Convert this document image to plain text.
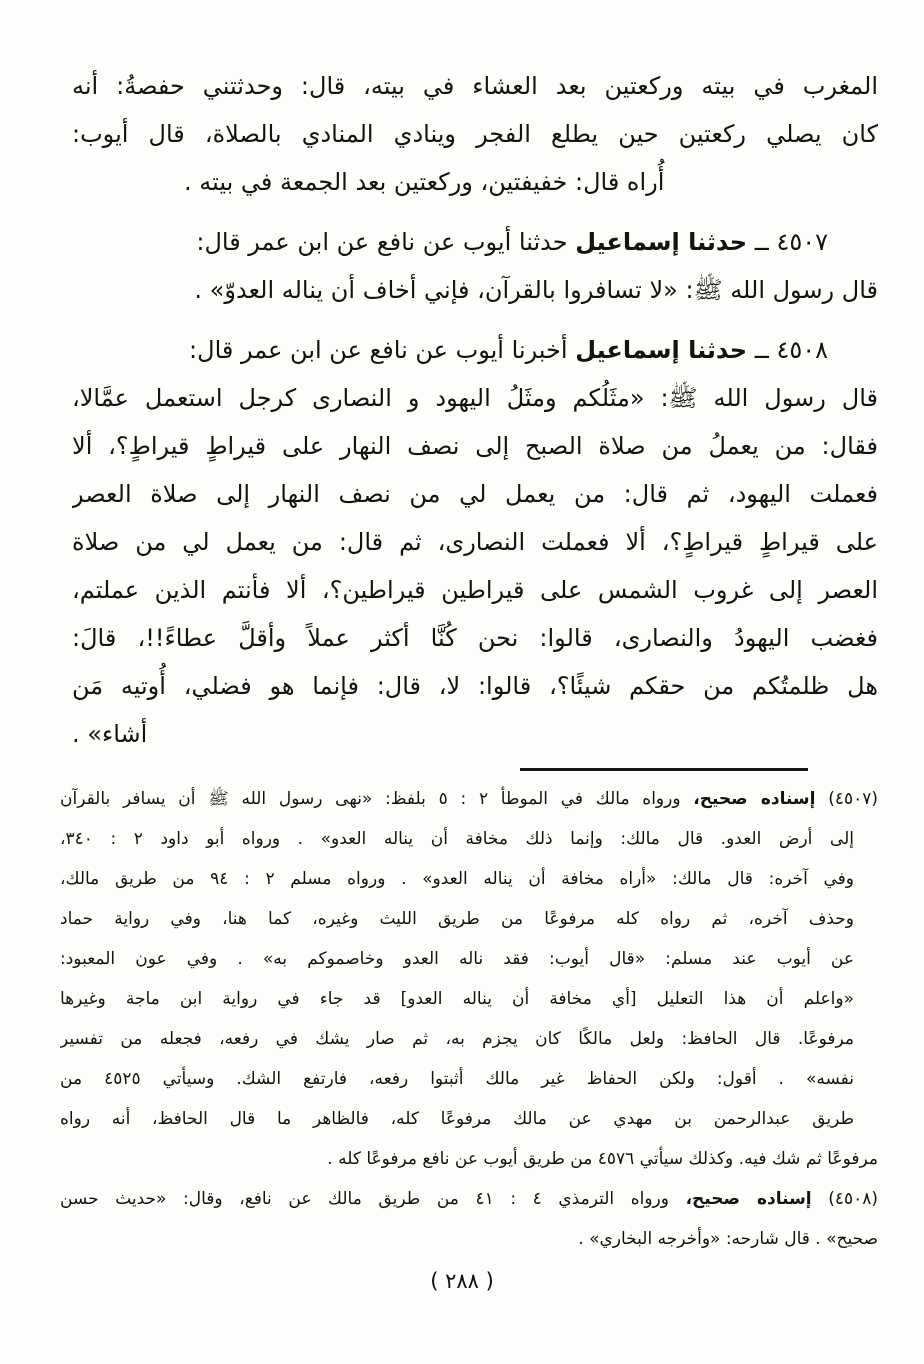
المغرب في بيته وركعتين بعد العشاء في بيته، قال: وحدثتني حفصةُ: أنه
كان يصلي ركعتين حين يطلع الفجر وينادي المنادي بالصلاة، قال أيوب:
أُراه قال: خفيفتين، وركعتين بعد الجمعة في بيته .
٤٥٠٧ ــ حدثنا إسماعيل حدثنا أيوب عن نافع عن ابن عمر قال:
قال رسول الله ﷺ: «لا تسافروا بالقرآن، فإني أخاف أن يناله العدوّ» .
٤٥٠٨ ــ حدثنا إسماعيل أخبرنا أيوب عن نافع عن ابن عمر قال:
قال رسول الله ﷺ: «مثَلُكم ومثَلُ اليهود و النصارى كرجل استعمل عمَّالا،
فقال: من يعملُ من صلاة الصبح إلى نصف النهار على قيراطٍ قيراطٍ؟، ألا
فعملت اليهود، ثم قال: من يعمل لي من نصف النهار إلى صلاة العصر
على قيراطٍ قيراطٍ؟، ألا فعملت النصارى، ثم قال: من يعمل لي من صلاة
العصر إلى غروب الشمس على قيراطين قيراطين؟، ألا فأنتم الذين عملتم،
فغضب اليهودُ والنصارى، قالوا: نحن كُنَّا أكثر عملاً وأقلَّ عطاءً!!، قالَ:
هل ظلمتُكم من حقكم شيئًا؟، قالوا: لا، قال: فإنما هو فضلي، أُوتيه مَن
أشاء» .
(٤٥٠٧) إسناده صحيح، ورواه مالك في الموطأ ٢ : ٥ بلفظ: «نهى رسول الله ﷺ أن يسافر بالقرآن
إلى أرض العدو. قال مالك: وإنما ذلك مخافة أن يناله العدو» . ورواه أبو داود ٢ : ٣٤٠،
وفي آخره: قال مالك: «أراه مخافة أن يناله العدو» . ورواه مسلم ٢ : ٩٤ من طريق مالك،
وحذف آخره، ثم رواه كله مرفوعًا من طريق الليث وغيره، كما هنا، وفي رواية حماد
عن أيوب عند مسلم: «قال أيوب: فقد ناله العدو وخاصموكم به» . وفي عون المعبود:
«واعلم أن هذا التعليل [أي مخافة أن يناله العدو] قد جاء في رواية ابن ماجة وغيرها
مرفوعًا. قال الحافظ: ولعل مالكًا كان يجزم به، ثم صار يشك في رفعه، فجعله من تفسير
نفسه» . أقول: ولكن الحفاظ غير مالك أثبتوا رفعه، فارتفع الشك. وسيأتي ٤٥٢٥ من
طريق عبدالرحمن بن مهدي عن مالك مرفوعًا كله، فالظاهر ما قال الحافظ، أنه رواه
مرفوعًا ثم شك فيه. وكذلك سيأتي ٤٥٧٦ من طريق أيوب عن نافع مرفوعًا كله .
(٤٥٠٨) إسناده صحيح، ورواه الترمذي ٤ : ٤١ من طريق مالك عن نافع، وقال: «حديث حسن
صحيح» . قال شارحه: «وأخرجه البخاري» .
( ٢٨٨ )
